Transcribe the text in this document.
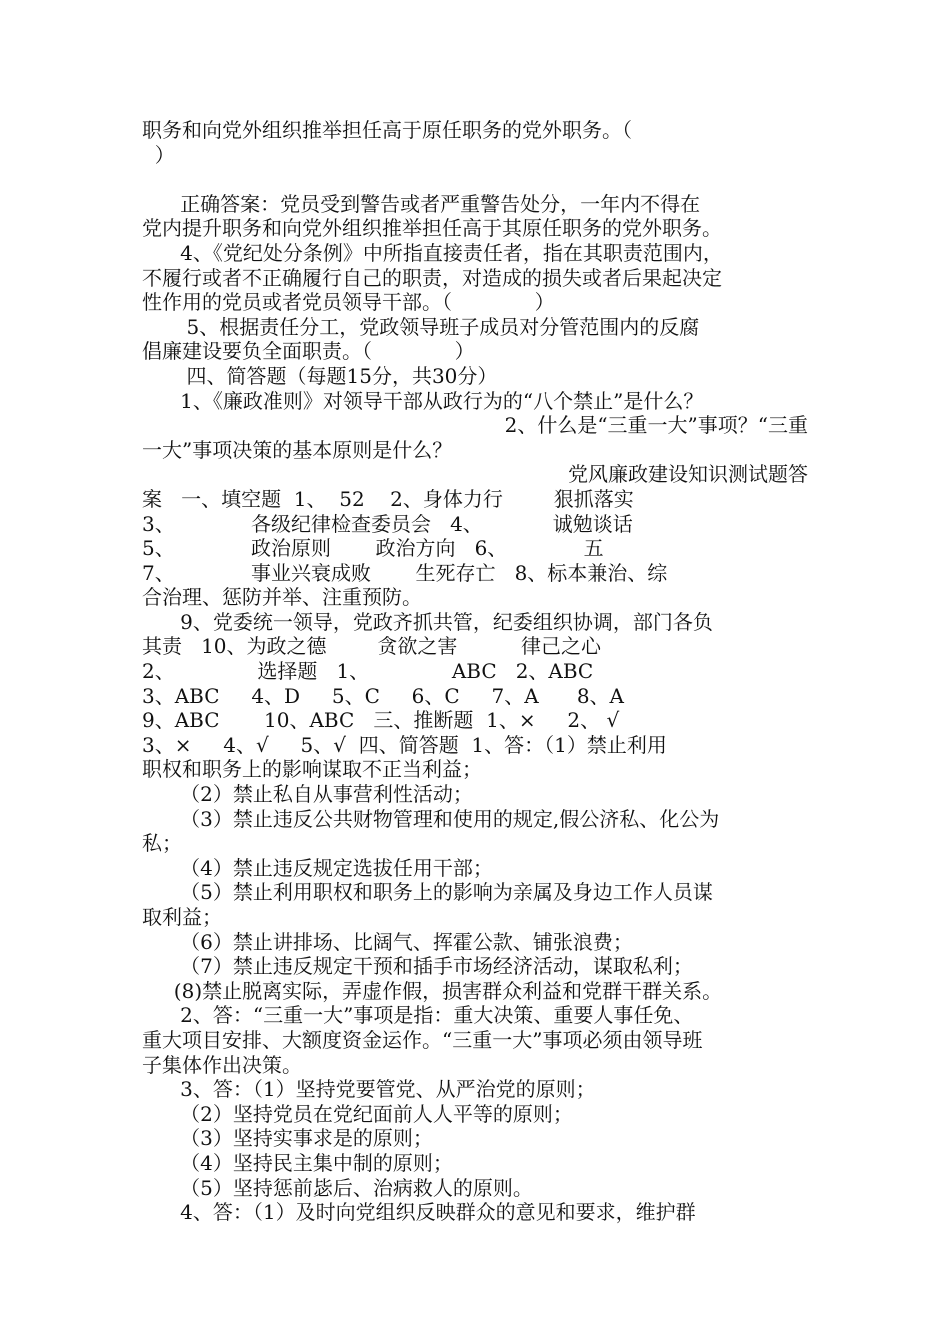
职务和向党外组织推举担任高于原任职务的党外职务。（
）
正确答案：党员受到警告或者严重警告处分，一年内不得在
党内提升职务和向党外组织推举担任高于其原任职务的党外职务。
4、《党纪处分条例》中所指直接责任者，指在其职责范围内，
不履行或者不正确履行自己的职责，对造成的损失或者后果起决定
性作用的党员或者党员领导干部。（             ）
5、根据责任分工，党政领导班子成员对分管范围内的反腐
倡廉建设要负全面职责。（             ）
四、简答题（每题15分，共30分）
1、《廉政准则》对领导干部从政行为的“八个禁止”是什么？
2、什么是“三重一大”事项？“三重
一大”事项决策的基本原则是什么？
党风廉政建设知识测试题答
案   一、填空题  1、  52    2、身体力行        狠抓落实
3、            各级纪律检查委员会   4、           诚勉谈话
5、            政治原则       政治方向   6、            五
7、            事业兴衰成败       生死存亡   8、标本兼治、综
合治理、惩防并举、注重预防。
9、党委统一领导，党政齐抓共管，纪委组织协调，部门各负
其责   10、为政之德        贪欲之害          律己之心
2、             选择题   1、             ABC   2、ABC
3、ABC     4、D     5、C     6、C     7、A      8、A
9、ABC       10、ABC   三、推断题  1、×     2、 √
3、×     4、√     5、√  四、简答题  1、答：（1）禁止利用
职权和职务上的影响谋取不正当利益；
（2）禁止私自从事营利性活动；
（3）禁止违反公共财物管理和使用的规定,假公济私、化公为
私；
（4）禁止违反规定选拔任用干部；
（5）禁止利用职权和职务上的影响为亲属及身边工作人员谋
取利益；
（6）禁止讲排场、比阔气、挥霍公款、铺张浪费；
（7）禁止违反规定干预和插手市场经济活动，谋取私利；
(8)禁止脱离实际，弄虚作假，损害群众利益和党群干群关系。
2、答：“三重一大”事项是指：重大决策、重要人事任免、
重大项目安排、大额度资金运作。“三重一大”事项必须由领导班
子集体作出决策。
3、答：（1）坚持党要管党、从严治党的原则；
（2）坚持党员在党纪面前人人平等的原则；
（3）坚持实事求是的原则；
（4）坚持民主集中制的原则；
（5）坚持惩前毖后、治病救人的原则。
4、答：（1）及时向党组织反映群众的意见和要求，维护群
